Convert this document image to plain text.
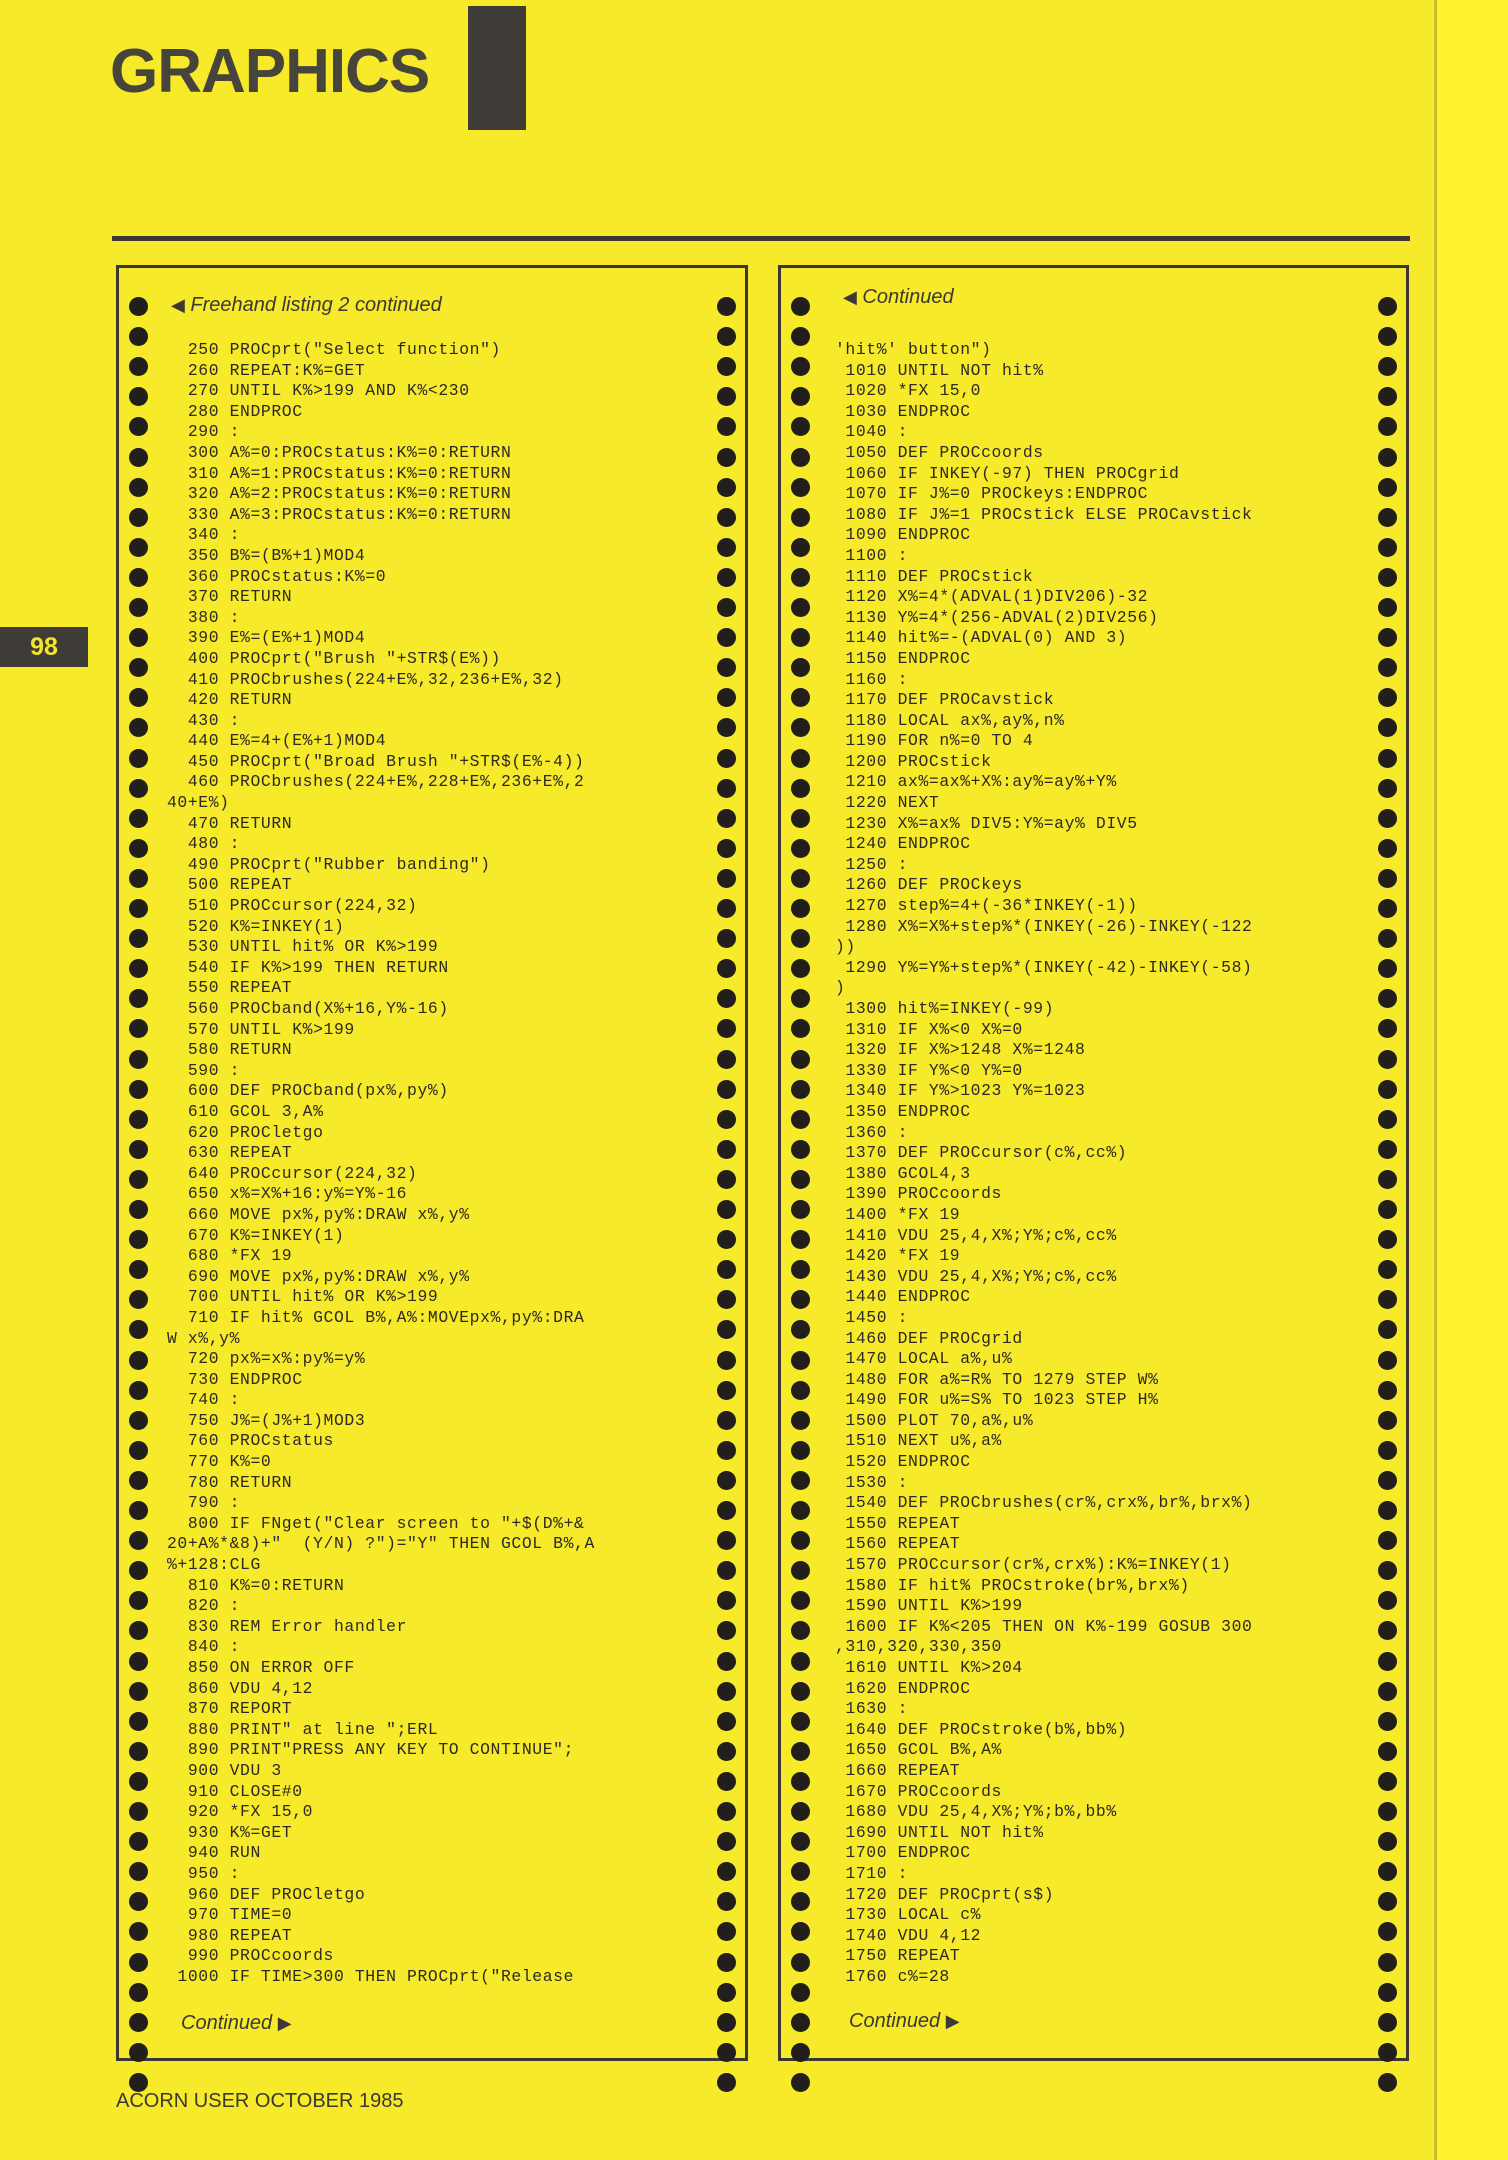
GRAPHICS
98
◀ Freehand listing 2 continued
250 PROCprt("Select function")
260 REPEAT:K%=GET
270 UNTIL K%>199 AND K%<230
280 ENDPROC
290 :
300 A%=0:PROCstatus:K%=0:RETURN
310 A%=1:PROCstatus:K%=0:RETURN
320 A%=2:PROCstatus:K%=0:RETURN
330 A%=3:PROCstatus:K%=0:RETURN
340 :
350 B%=(B%+1)MOD4
360 PROCstatus:K%=0
370 RETURN
380 :
390 E%=(E%+1)MOD4
400 PROCprt("Brush "+STR$(E%))
410 PROCbrushes(224+E%,32,236+E%,32)
420 RETURN
430 :
440 E%=4+(E%+1)MOD4
450 PROCprt("Broad Brush "+STR$(E%-4))
460 PROCbrushes(224+E%,228+E%,236+E%,2
40+E%)
470 RETURN
480 :
490 PROCprt("Rubber banding")
500 REPEAT
510 PROCcursor(224,32)
520 K%=INKEY(1)
530 UNTIL hit% OR K%>199
540 IF K%>199 THEN RETURN
550 REPEAT
560 PROCband(X%+16,Y%-16)
570 UNTIL K%>199
580 RETURN
590 :
600 DEF PROCband(px%,py%)
610 GCOL 3,A%
620 PROCletgo
630 REPEAT
640 PROCcursor(224,32)
650 x%=X%+16:y%=Y%-16
660 MOVE px%,py%:DRAW x%,y%
670 K%=INKEY(1)
680 *FX 19
690 MOVE px%,py%:DRAW x%,y%
700 UNTIL hit% OR K%>199
710 IF hit% GCOL B%,A%:MOVEpx%,py%:DRA
W x%,y%
720 px%=x%:py%=y%
730 ENDPROC
740 :
750 J%=(J%+1)MOD3
760 PROCstatus
770 K%=0
780 RETURN
790 :
800 IF FNget("Clear screen to "+$(D%+&
20+A%*&8)+"  (Y/N) ?")="Y" THEN GCOL B%,A
%+128:CLG
810 K%=0:RETURN
820 :
830 REM Error handler
840 :
850 ON ERROR OFF
860 VDU 4,12
870 REPORT
880 PRINT" at line ";ERL
890 PRINT"PRESS ANY KEY TO CONTINUE";
900 VDU 3
910 CLOSE#0
920 *FX 15,0
930 K%=GET
940 RUN
950 :
960 DEF PROCletgo
970 TIME=0
980 REPEAT
990 PROCcoords
1000 IF TIME>300 THEN PROCprt("Release
Continued ▶
◀ Continued
'hit%' button")
1010 UNTIL NOT hit%
1020 *FX 15,0
1030 ENDPROC
1040 :
1050 DEF PROCcoords
1060 IF INKEY(-97) THEN PROCgrid
1070 IF J%=0 PROCkeys:ENDPROC
1080 IF J%=1 PROCstick ELSE PROCavstick
1090 ENDPROC
1100 :
1110 DEF PROCstick
1120 X%=4*(ADVAL(1)DIV206)-32
1130 Y%=4*(256-ADVAL(2)DIV256)
1140 hit%=-(ADVAL(0) AND 3)
1150 ENDPROC
1160 :
1170 DEF PROCavstick
1180 LOCAL ax%,ay%,n%
1190 FOR n%=0 TO 4
1200 PROCstick
1210 ax%=ax%+X%:ay%=ay%+Y%
1220 NEXT
1230 X%=ax% DIV5:Y%=ay% DIV5
1240 ENDPROC
1250 :
1260 DEF PROCkeys
1270 step%=4+(-36*INKEY(-1))
1280 X%=X%+step%*(INKEY(-26)-INKEY(-122
))
1290 Y%=Y%+step%*(INKEY(-42)-INKEY(-58)
)
1300 hit%=INKEY(-99)
1310 IF X%<0 X%=0
1320 IF X%>1248 X%=1248
1330 IF Y%<0 Y%=0
1340 IF Y%>1023 Y%=1023
1350 ENDPROC
1360 :
1370 DEF PROCcursor(c%,cc%)
1380 GCOL4,3
1390 PROCcoords
1400 *FX 19
1410 VDU 25,4,X%;Y%;c%,cc%
1420 *FX 19
1430 VDU 25,4,X%;Y%;c%,cc%
1440 ENDPROC
1450 :
1460 DEF PROCgrid
1470 LOCAL a%,u%
1480 FOR a%=R% TO 1279 STEP W%
1490 FOR u%=S% TO 1023 STEP H%
1500 PLOT 70,a%,u%
1510 NEXT u%,a%
1520 ENDPROC
1530 :
1540 DEF PROCbrushes(cr%,crx%,br%,brx%)
1550 REPEAT
1560 REPEAT
1570 PROCcursor(cr%,crx%):K%=INKEY(1)
1580 IF hit% PROCstroke(br%,brx%)
1590 UNTIL K%>199
1600 IF K%<205 THEN ON K%-199 GOSUB 300
,310,320,330,350
1610 UNTIL K%>204
1620 ENDPROC
1630 :
1640 DEF PROCstroke(b%,bb%)
1650 GCOL B%,A%
1660 REPEAT
1670 PROCcoords
1680 VDU 25,4,X%;Y%;b%,bb%
1690 UNTIL NOT hit%
1700 ENDPROC
1710 :
1720 DEF PROCprt(s$)
1730 LOCAL c%
1740 VDU 4,12
1750 REPEAT
1760 c%=28
Continued ▶
ACORN USER OCTOBER 1985
